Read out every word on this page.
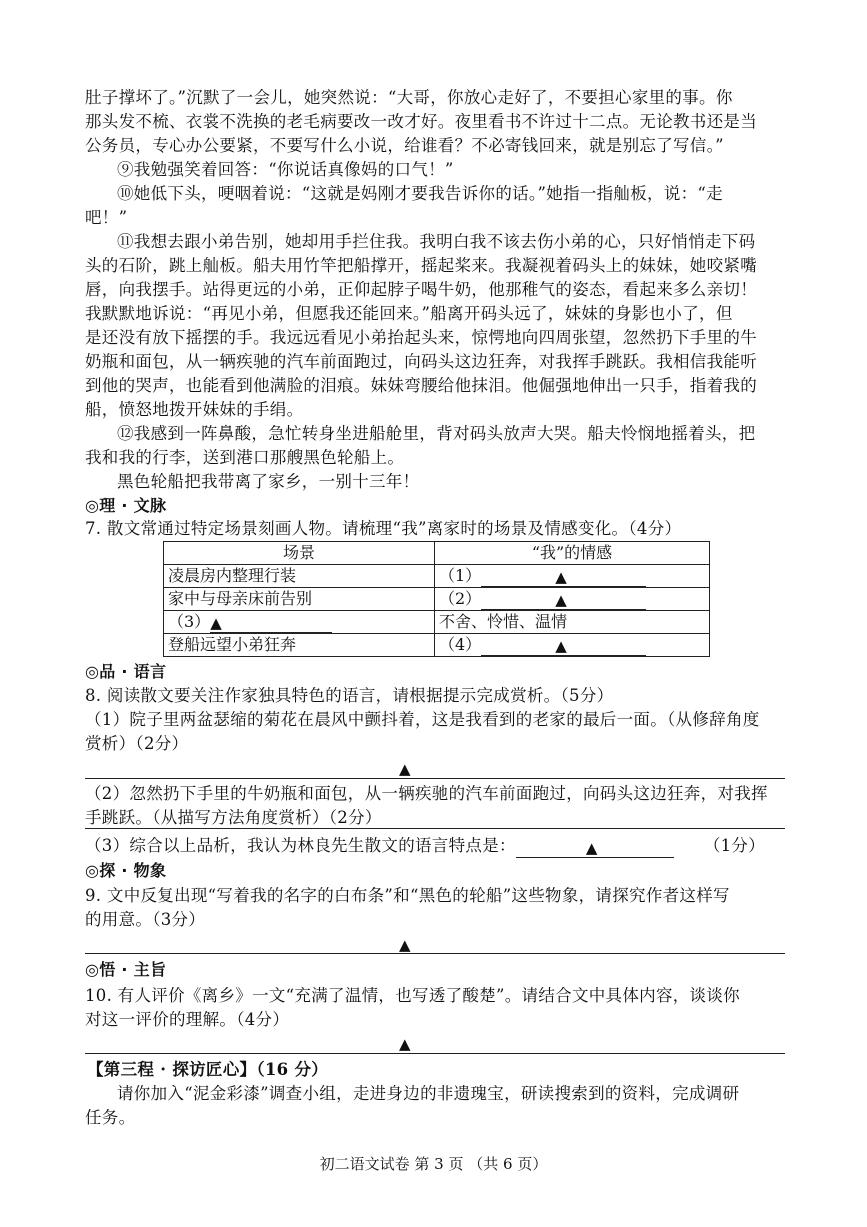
肚子撑坏了。”沉默了一会儿，她突然说：“大哥，你放心走好了，不要担心家里的事。你
那头发不梳、衣裳不洗换的老毛病要改一改才好。夜里看书不许过十二点。无论教书还是当
公务员，专心办公要紧，不要写什么小说，给谁看？不必寄钱回来，就是别忘了写信。”
⑨我勉强笑着回答：“你说话真像妈的口气！”
⑩她低下头，哽咽着说：“这就是妈刚才要我告诉你的话。”她指一指舢板，说：“走
吧！”
⑪我想去跟小弟告别，她却用手拦住我。我明白我不该去伤小弟的心，只好悄悄走下码
头的石阶，跳上舢板。船夫用竹竿把船撑开，摇起桨来。我凝视着码头上的妹妹，她咬紧嘴
唇，向我摆手。站得更远的小弟，正仰起脖子喝牛奶，他那稚气的姿态，看起来多么亲切！
我默默地诉说：“再见小弟，但愿我还能回来。”船离开码头远了，妹妹的身影也小了，但
是还没有放下摇摆的手。我远远看见小弟抬起头来，惊愕地向四周张望，忽然扔下手里的牛
奶瓶和面包，从一辆疾驰的汽车前面跑过，向码头这边狂奔，对我挥手跳跃。我相信我能听
到他的哭声，也能看到他满脸的泪痕。妹妹弯腰给他抹泪。他倔强地伸出一只手，指着我的
船，愤怒地拨开妹妹的手绢。
⑫我感到一阵鼻酸，急忙转身坐进船舱里，背对码头放声大哭。船夫怜悯地摇着头，把
我和我的行李，送到港口那艘黑色轮船上。
黑色轮船把我带离了家乡，一别十三年！
◎理 · 文脉
7. 散文常通过特定场景刻画人物。请梳理“我”离家时的场景及情感变化。（4分）
场景	“我”的情感
凌晨房内整理行装	（1） ▲

家中与母亲床前告别	（2） ▲

（3） ▲	不舍、怜惜、温情
登船远望小弟狂奔	（4） ▲
◎品 · 语言
8. 阅读散文要关注作家独具特色的语言，请根据提示完成赏析。（5分）
（1）院子里两盆瑟缩的菊花在晨风中颤抖着，这是我看到的老家的最后一面。（从修辞角度
赏析）（2分）
▲
（2）忽然扔下手里的牛奶瓶和面包，从一辆疾驰的汽车前面跑过，向码头这边狂奔，对我挥
手跳跃。（从描写方法角度赏析）（2分）
（3）综合以上品析，我认为林良先生散文的语言特点是：	▲	（1分）
◎探 · 物象
9. 文中反复出现“写着我的名字的白布条”和“黑色的轮船”这些物象，请探究作者这样写
的用意。（3分）
▲
◎悟 · 主旨
10. 有人评价《离乡》一文“充满了温情，也写透了酸楚”。请结合文中具体内容，谈谈你
对这一评价的理解。（4分）
▲
【第三程 · 探访匠心】（16 分）
请你加入“泥金彩漆”调查小组，走进身边的非遗瑰宝，研读搜索到的资料，完成调研
任务。
初二语文试卷 第 3 页 （共 6 页）
